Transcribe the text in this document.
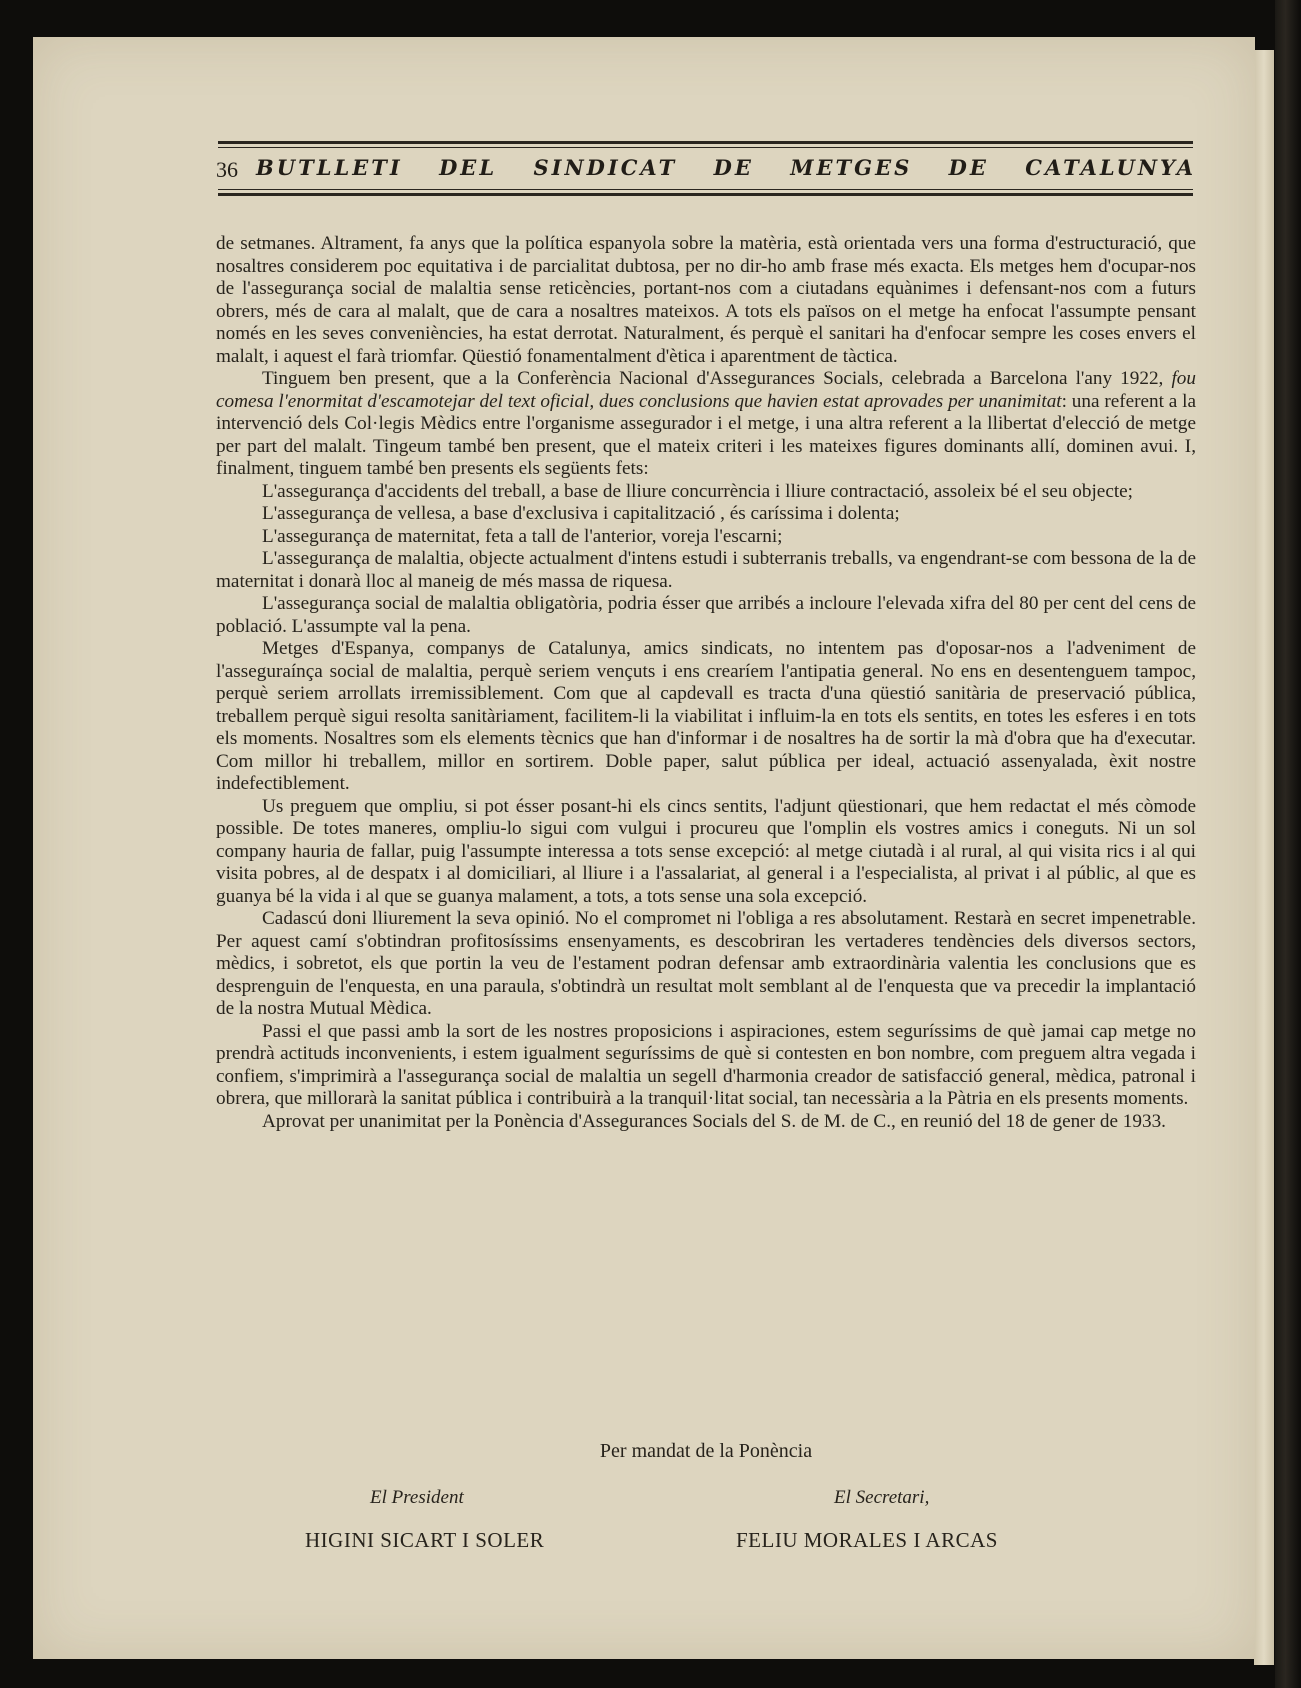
36 BUTLLETI DEL SINDICAT DE METGES DE CATALUNYA

de setmanes. Altrament, fa anys que la política espanyola sobre la matèria, està orientada vers una forma d'estructuració, que nosaltres considerem poc equitativa i de parcialitat dubtosa, per no dir-ho amb frase més exacta. Els metges hem d'ocupar-nos de l'assegurança social de malaltia sense reticències, portant-nos com a ciutadans equànimes i defensant-nos com a futurs obrers, més de cara al malalt, que de cara a nosaltres mateixos. A tots els països on el metge ha enfocat l'assumpte pensant només en les seves conveniències, ha estat derrotat. Naturalment, és perquè el sanitari ha d'enfocar sempre les coses envers el malalt, i aquest el farà triomfar. Qüestió fonamentalment d'ètica i aparentment de tàctica.

Tinguem ben present, que a la Conferència Nacional d'Assegurances Socials, celebrada a Barcelona l'any 1922, fou comesa l'enormitat d'escamotejar del text oficial, dues conclusions que havien estat aprovades per unanimitat: una referent a la intervenció dels Col·legis Mèdics entre l'organisme assegurador i el metge, i una altra referent a la llibertat d'elecció de metge per part del malalt. Tingeum també ben present, que el mateix criteri i les mateixes figures dominants allí, dominen avui. I, finalment, tinguem també ben presents els següents fets:

L'assegurança d'accidents del treball, a base de lliure concurrència i lliure contractació, assoleix bé el seu objecte;

L'assegurança de vellesa, a base d'exclusiva i capitalització , és caríssima i dolenta;

L'assegurança de maternitat, feta a tall de l'anterior, voreja l'escarni;

L'assegurança de malaltia, objecte actualment d'intens estudi i subterranis treballs, va engendrant-se com bessona de la de maternitat i donarà lloc al maneig de més massa de riquesa.

L'assegurança social de malaltia obligatòria, podria ésser que arribés a incloure l'elevada xifra del 80 per cent del cens de població. L'assumpte val la pena.

Metges d'Espanya, companys de Catalunya, amics sindicats, no intentem pas d'oposar-nos a l'adveniment de l'asseguraínça social de malaltia, perquè seriem vençuts i ens crearíem l'antipatia general. No ens en desentenguem tampoc, perquè seriem arrollats irremissiblement. Com que al capdevall es tracta d'una qüestió sanitària de preservació pública, treballem perquè sigui resolta sanitàriament, facilitem-li la viabilitat i influim-la en tots els sentits, en totes les esferes i en tots els moments. Nosaltres som els elements tècnics que han d'informar i de nosaltres ha de sortir la mà d'obra que ha d'executar. Com millor hi treballem, millor en sortirem. Doble paper, salut pública per ideal, actuació assenyalada, èxit nostre indefectiblement.

Us preguem que ompliu, si pot ésser posant-hi els cincs sentits, l'adjunt qüestionari, que hem redactat el més còmode possible. De totes maneres, ompliu-lo sigui com vulgui i procureu que l'omplin els vostres amics i coneguts. Ni un sol company hauria de fallar, puig l'assumpte interessa a tots sense excepció: al metge ciutadà i al rural, al qui visita rics i al qui visita pobres, al de despatx i al domiciliari, al lliure i a l'assalariat, al general i a l'especialista, al privat i al públic, al que es guanya bé la vida i al que se guanya malament, a tots, a tots sense una sola excepció.

Cadascú doni lliurement la seva opinió. No el compromet ni l'obliga a res absolutament. Restarà en secret impenetrable. Per aquest camí s'obtindran profitosíssims ensenyaments, es descobriran les vertaderes tendències dels diversos sectors, mèdics, i sobretot, els que portin la veu de l'estament podran defensar amb extraordinària valentia les conclusions que es desprenguin de l'enquesta, en una paraula, s'obtindrà un resultat molt semblant al de l'enquesta que va precedir la implantació de la nostra Mutual Mèdica.

Passi el que passi amb la sort de les nostres proposicions i aspiraciones, estem seguríssims de què jamai cap metge no prendrà actituds inconvenients, i estem igualment seguríssims de què si contesten en bon nombre, com preguem altra vegada i confiem, s'imprimirà a l'assegurança social de malaltia un segell d'harmonia creador de satisfacció general, mèdica, patronal i obrera, que millorarà la sanitat pública i contribuirà a la tranquil·litat social, tan necessària a la Pàtria en els presents moments.

Aprovat per unanimitat per la Ponència d'Assegurances Socials del S. de M. de C., en reunió del 18 de gener de 1933.

Per mandat de la Ponència
El President
HIGINI SICART I SOLER
El Secretari,
FELIU MORALES I ARCAS
